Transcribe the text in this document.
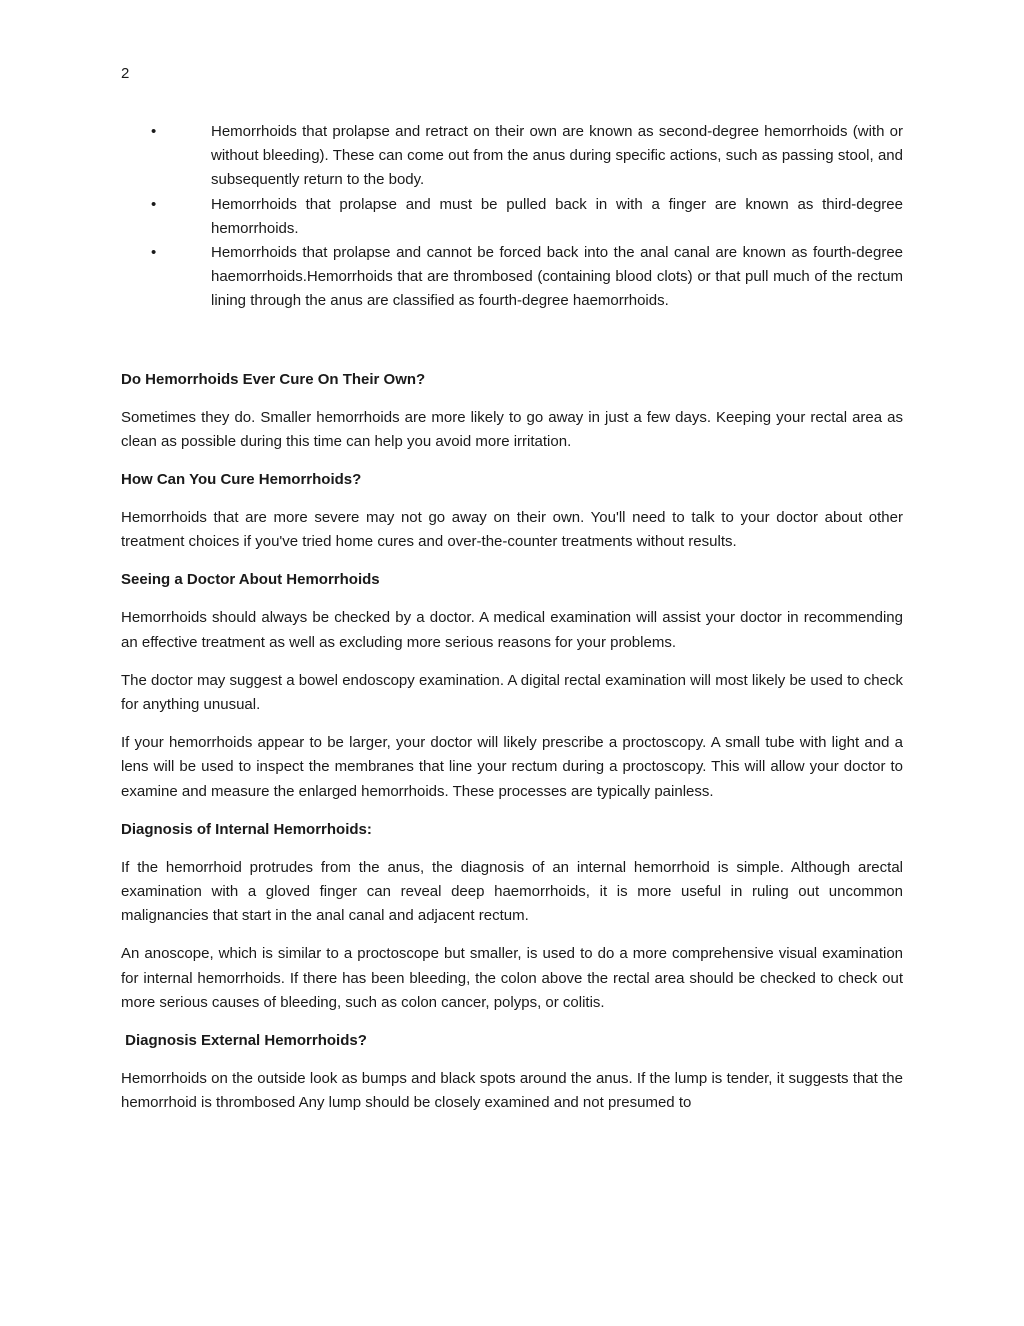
2
•	Hemorrhoids that prolapse and retract on their own are known as second-degree hemorrhoids (with or without bleeding). These can come out from the anus during specific actions, such as passing stool, and subsequently return to the body.
•	Hemorrhoids that prolapse and must be pulled back in with a finger are known as third-degree hemorrhoids.
•	Hemorrhoids that prolapse and cannot be forced back into the anal canal are known as fourth-degree haemorrhoids.Hemorrhoids that are thrombosed (containing blood clots) or that pull much of the rectum lining through the anus are classified as fourth-degree haemorrhoids.
Do Hemorrhoids Ever Cure On Their Own?

Sometimes they do. Smaller hemorrhoids are more likely to go away in just a few days. Keeping your rectal area as clean as possible during this time can help you avoid more irritation.

How Can You Cure Hemorrhoids?

Hemorrhoids that are more severe may not go away on their own. You'll need to talk to your doctor about other treatment choices if you've tried home cures and over-the-counter treatments without results.

Seeing a Doctor About Hemorrhoids

Hemorrhoids should always be checked by a doctor. A medical examination will assist your doctor in recommending an effective treatment as well as excluding more serious reasons for your problems.

The doctor may suggest a bowel endoscopy examination. A digital rectal examination will most likely be used to check for anything unusual.

If your hemorrhoids appear to be larger, your doctor will likely prescribe a proctoscopy. A small tube with light and a lens will be used to inspect the membranes that line your rectum during a proctoscopy. This will allow your doctor to examine and measure the enlarged hemorrhoids. These processes are typically painless.

Diagnosis of Internal Hemorrhoids:

If the hemorrhoid protrudes from the anus, the diagnosis of an internal hemorrhoid is simple. Although arectal examination with a gloved finger can reveal deep haemorrhoids, it is more useful in ruling out uncommon malignancies that start in the anal canal and adjacent rectum.

An anoscope, which is similar to a proctoscope but smaller, is used to do a more comprehensive visual examination for internal hemorrhoids. If there has been bleeding, the colon above the rectal area should be checked to check out more serious causes of bleeding, such as colon cancer, polyps, or colitis.

Diagnosis External Hemorrhoids?

Hemorrhoids on the outside look as bumps and black spots around the anus. If the lump is tender, it suggests that the hemorrhoid is thrombosed Any lump should be closely examined and not presumed to
